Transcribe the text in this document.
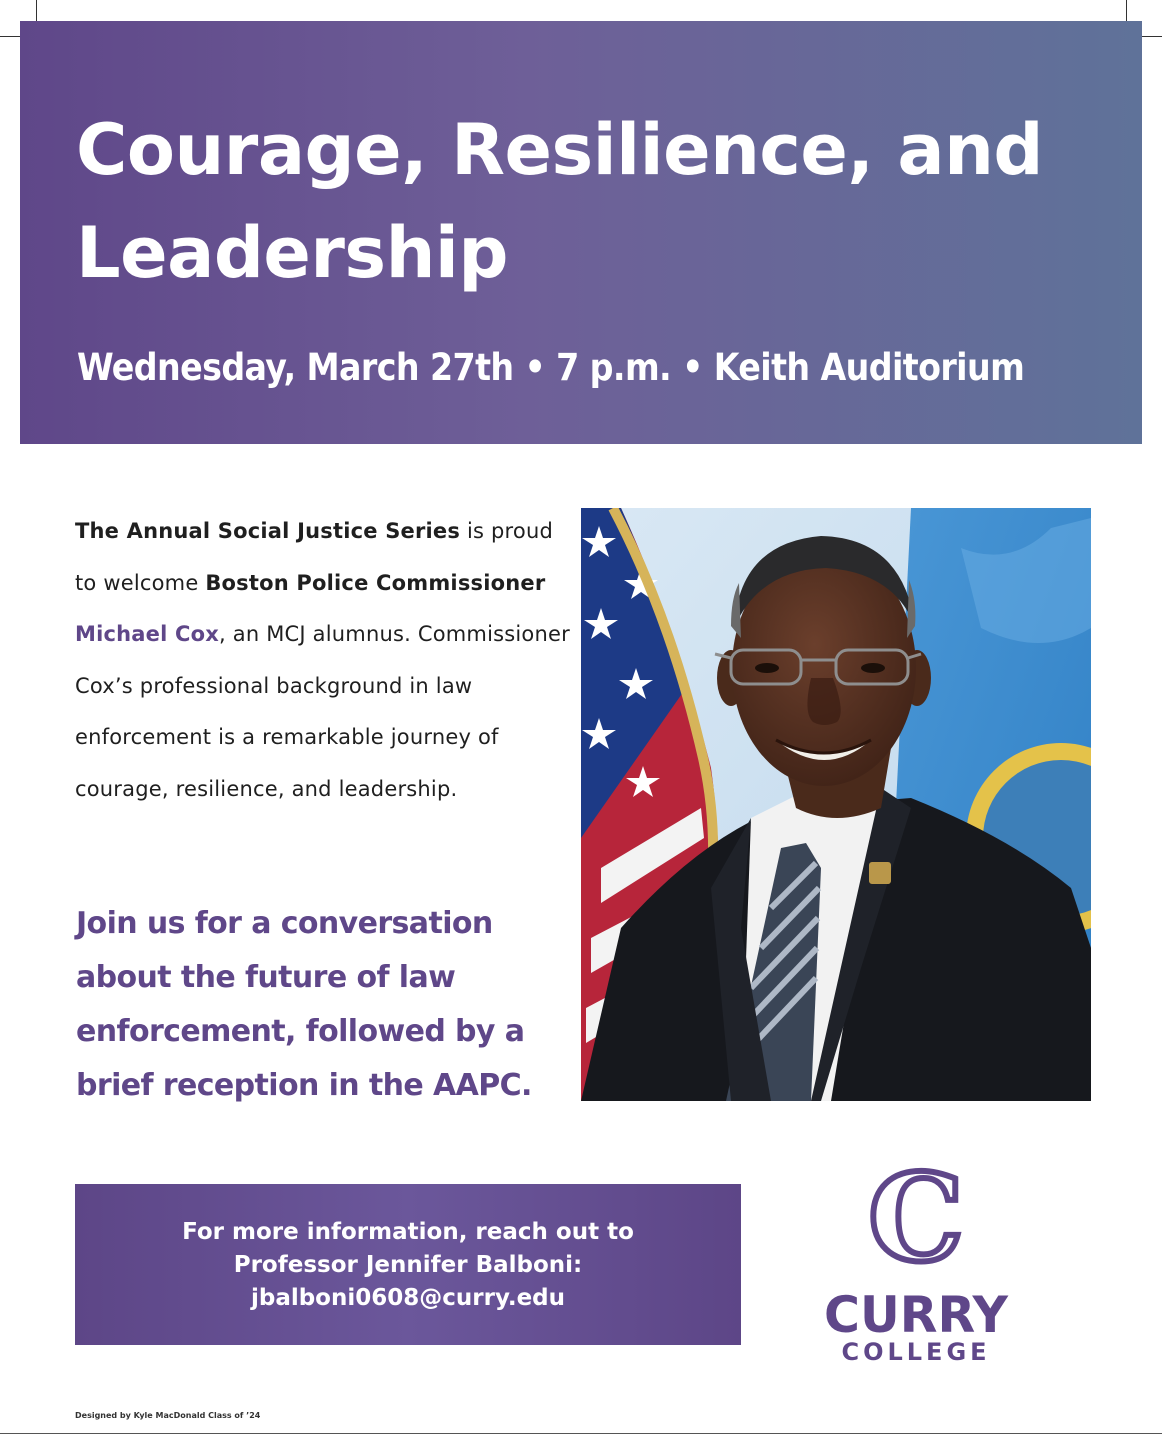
Courage, Resilience, and
Leadership

Wednesday, March 27th • 7 p.m. • Keith Auditorium

The Annual Social Justice Series is proud to welcome Boston Police Commissioner Michael Cox, an MCJ alumnus. Commissioner Cox’s professional background in law enforcement is a remarkable journey of courage, resilience, and leadership.

Join us for a conversation about the future of law enforcement, followed by a brief reception in the AAPC.

For more information, reach out to
Professor Jennifer Balboni:
jbalboni0608@curry.edu
C
CURRY
COLLEGE

Designed by Kyle MacDonald Class of ’24
